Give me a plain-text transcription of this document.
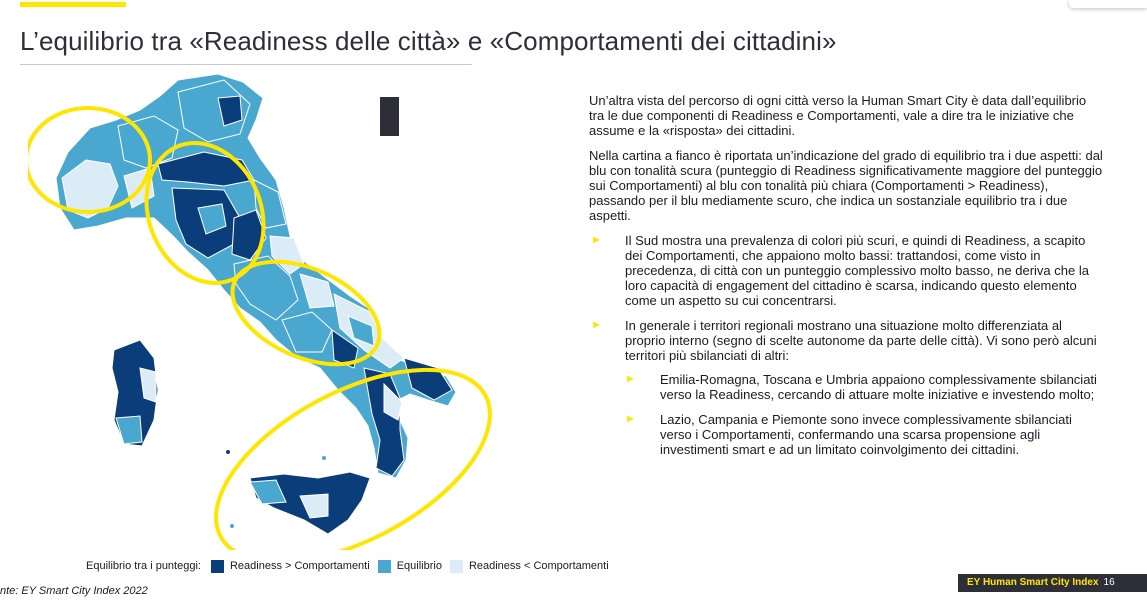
L’equilibrio tra «Readiness delle città» e «Comportamenti dei cittadini»

Un’altra vista del percorso di ogni città verso la Human Smart City è data dall’equilibrio tra le due componenti di Readiness e Comportamenti, vale a dire tra le iniziative che assume e la «risposta» dei cittadini.

Nella cartina a fianco è riportata un’indicazione del grado di equilibrio tra i due aspetti: dal blu con tonalità scura (punteggio di Readiness significativamente maggiore del punteggio sui Comportamenti) al blu con tonalità più chiara (Comportamenti > Readiness), passando per il blu mediamente scuro, che indica un sostanziale equilibrio tra i due aspetti.

► Il Sud mostra una prevalenza di colori più scuri, e quindi di Readiness, a scapito dei Comportamenti, che appaiono molto bassi: trattandosi, come visto in precedenza, di città con un punteggio complessivo molto basso, ne deriva che la loro capacità di engagement del cittadino è scarsa, indicando questo elemento come un aspetto su cui concentrarsi.
► In generale i territori regionali mostrano una situazione molto differenziata al proprio interno (segno di scelte autonome da parte delle città). Vi sono però alcuni territori più sbilanciati di altri:
► Emilia-Romagna, Toscana e Umbria appaiono complessivamente sbilanciati verso la Readiness, cercando di attuare molte iniziative e investendo molto;
► Lazio, Campania e Piemonte sono invece complessivamente sbilanciati verso i Comportamenti, confermando una scarsa propensione agli investimenti smart e ad un limitato coinvolgimento dei cittadini.
Equilibrio tra i punteggi:	Readiness > Comportamenti Equilibrio Readiness < Comportamenti
nte: EY Smart City Index 2022
EY Human Smart City Index 16
